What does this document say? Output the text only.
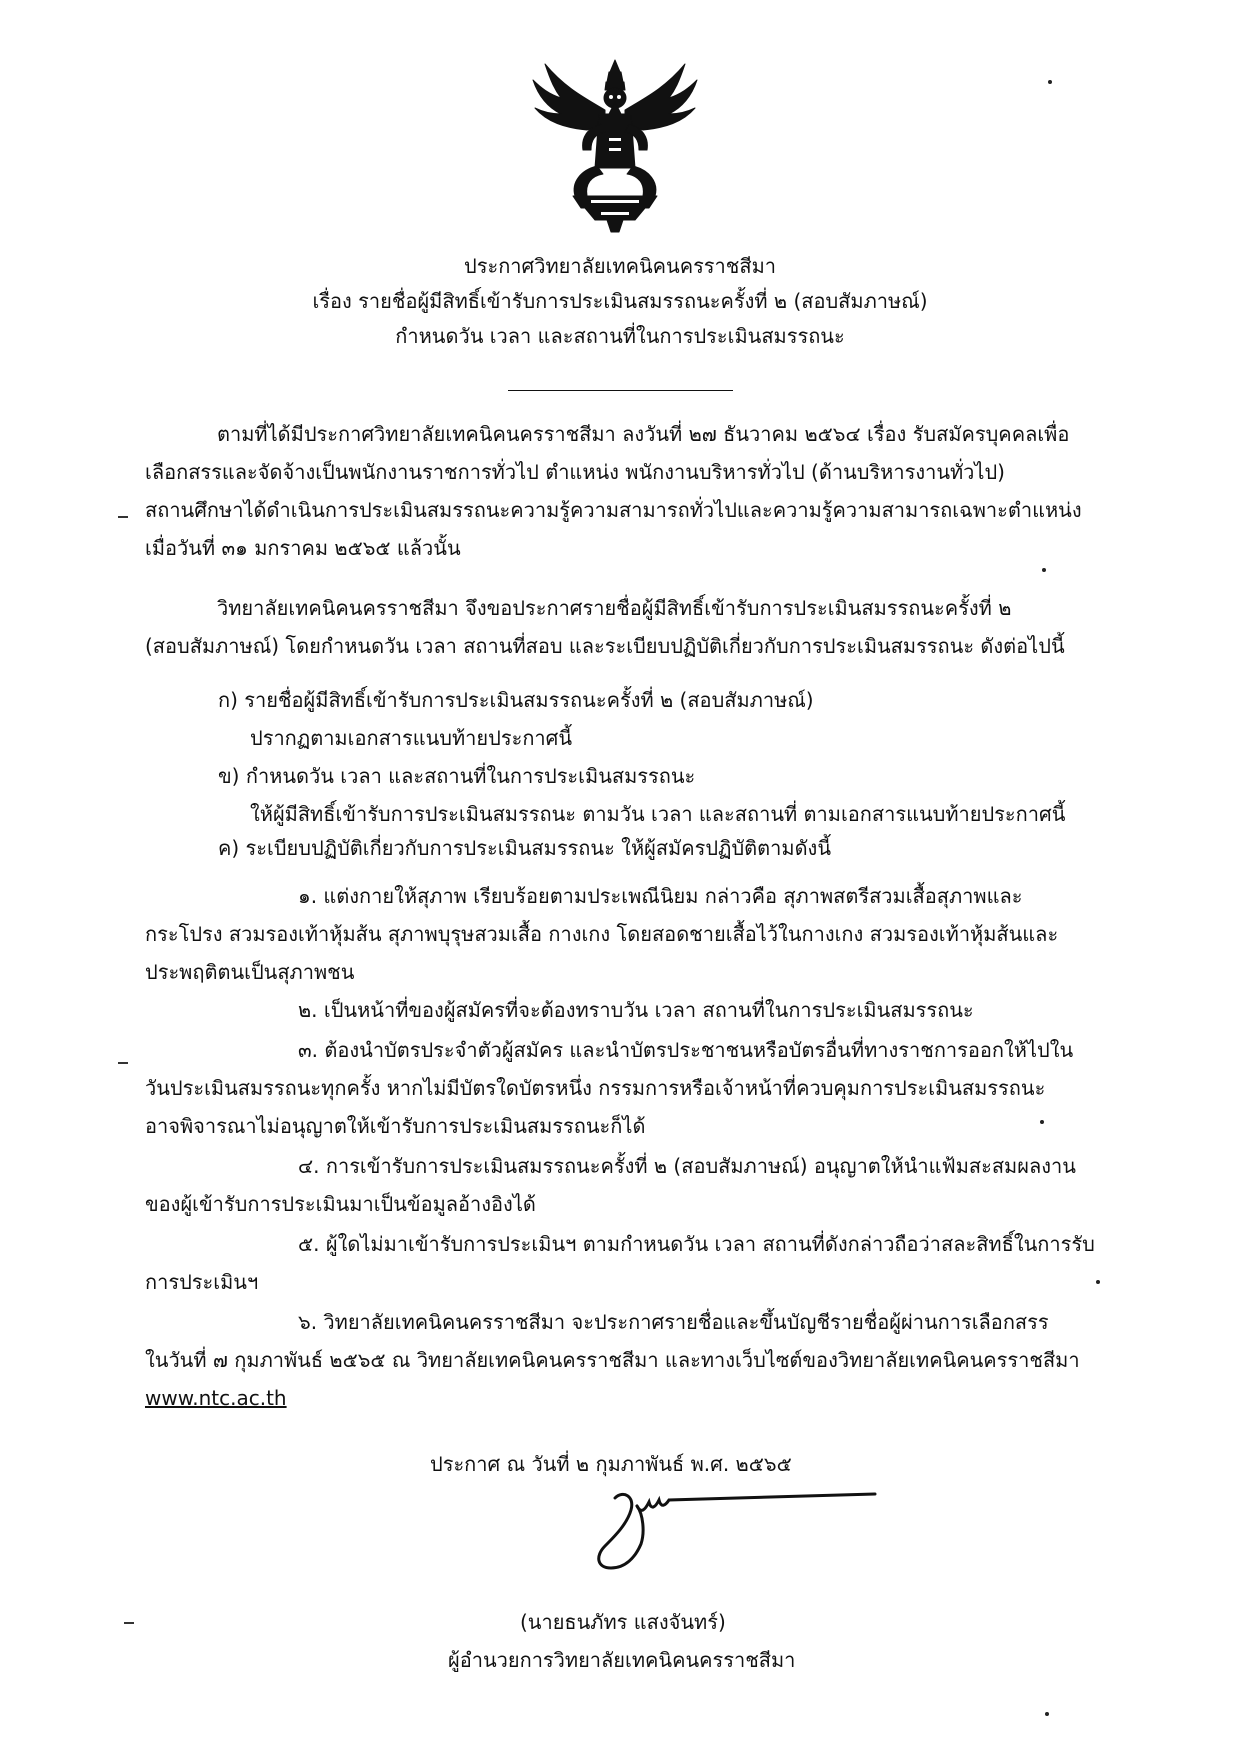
ประกาศวิทยาลัยเทคนิคนครราชสีมา
เรื่อง รายชื่อผู้มีสิทธิ์เข้ารับการประเมินสมรรถนะครั้งที่ ๒ (สอบสัมภาษณ์)
กำหนดวัน เวลา และสถานที่ในการประเมินสมรรถนะ
ตามที่ได้มีประกาศวิทยาลัยเทคนิคนครราชสีมา ลงวันที่ ๒๗ ธันวาคม ๒๕๖๔ เรื่อง รับสมัครบุคคลเพื่อ
เลือกสรรและจัดจ้างเป็นพนักงานราชการทั่วไป ตำแหน่ง พนักงานบริหารทั่วไป (ด้านบริหารงานทั่วไป)
สถานศึกษาได้ดำเนินการประเมินสมรรถนะความรู้ความสามารถทั่วไปและความรู้ความสามารถเฉพาะตำแหน่ง
เมื่อวันที่ ๓๑ มกราคม ๒๕๖๕ แล้วนั้น
วิทยาลัยเทคนิคนครราชสีมา จึงขอประกาศรายชื่อผู้มีสิทธิ์เข้ารับการประเมินสมรรถนะครั้งที่ ๒
(สอบสัมภาษณ์) โดยกำหนดวัน เวลา สถานที่สอบ และระเบียบปฏิบัติเกี่ยวกับการประเมินสมรรถนะ ดังต่อไปนี้
ก) รายชื่อผู้มีสิทธิ์เข้ารับการประเมินสมรรถนะครั้งที่ ๒ (สอบสัมภาษณ์)
ปรากฏตามเอกสารแนบท้ายประกาศนี้
ข) กำหนดวัน เวลา และสถานที่ในการประเมินสมรรถนะ
ให้ผู้มีสิทธิ์เข้ารับการประเมินสมรรถนะ ตามวัน เวลา และสถานที่ ตามเอกสารแนบท้ายประกาศนี้
ค) ระเบียบปฏิบัติเกี่ยวกับการประเมินสมรรถนะ ให้ผู้สมัครปฏิบัติตามดังนี้
๑. แต่งกายให้สุภาพ เรียบร้อยตามประเพณีนิยม กล่าวคือ สุภาพสตรีสวมเสื้อสุภาพและ
กระโปรง สวมรองเท้าหุ้มส้น สุภาพบุรุษสวมเสื้อ กางเกง โดยสอดชายเสื้อไว้ในกางเกง สวมรองเท้าหุ้มส้นและ
ประพฤติตนเป็นสุภาพชน
๒. เป็นหน้าที่ของผู้สมัครที่จะต้องทราบวัน เวลา สถานที่ในการประเมินสมรรถนะ
๓. ต้องนำบัตรประจำตัวผู้สมัคร และนำบัตรประชาชนหรือบัตรอื่นที่ทางราชการออกให้ไปใน
วันประเมินสมรรถนะทุกครั้ง หากไม่มีบัตรใดบัตรหนึ่ง กรรมการหรือเจ้าหน้าที่ควบคุมการประเมินสมรรถนะ
อาจพิจารณาไม่อนุญาตให้เข้ารับการประเมินสมรรถนะก็ได้
๔. การเข้ารับการประเมินสมรรถนะครั้งที่ ๒ (สอบสัมภาษณ์) อนุญาตให้นำแฟ้มสะสมผลงาน
ของผู้เข้ารับการประเมินมาเป็นข้อมูลอ้างอิงได้
๕. ผู้ใดไม่มาเข้ารับการประเมินฯ ตามกำหนดวัน เวลา สถานที่ดังกล่าวถือว่าสละสิทธิ์ในการรับ
การประเมินฯ
๖. วิทยาลัยเทคนิคนครราชสีมา จะประกาศรายชื่อและขึ้นบัญชีรายชื่อผู้ผ่านการเลือกสรร
ในวันที่ ๗ กุมภาพันธ์ ๒๕๖๕ ณ วิทยาลัยเทคนิคนครราชสีมา และทางเว็บไซต์ของวิทยาลัยเทคนิคนครราชสีมา
www.ntc.ac.th
ประกาศ ณ วันที่ ๒ กุมภาพันธ์ พ.ศ. ๒๕๖๕
(นายธนภัทร แสงจันทร์)
ผู้อำนวยการวิทยาลัยเทคนิคนครราชสีมา
